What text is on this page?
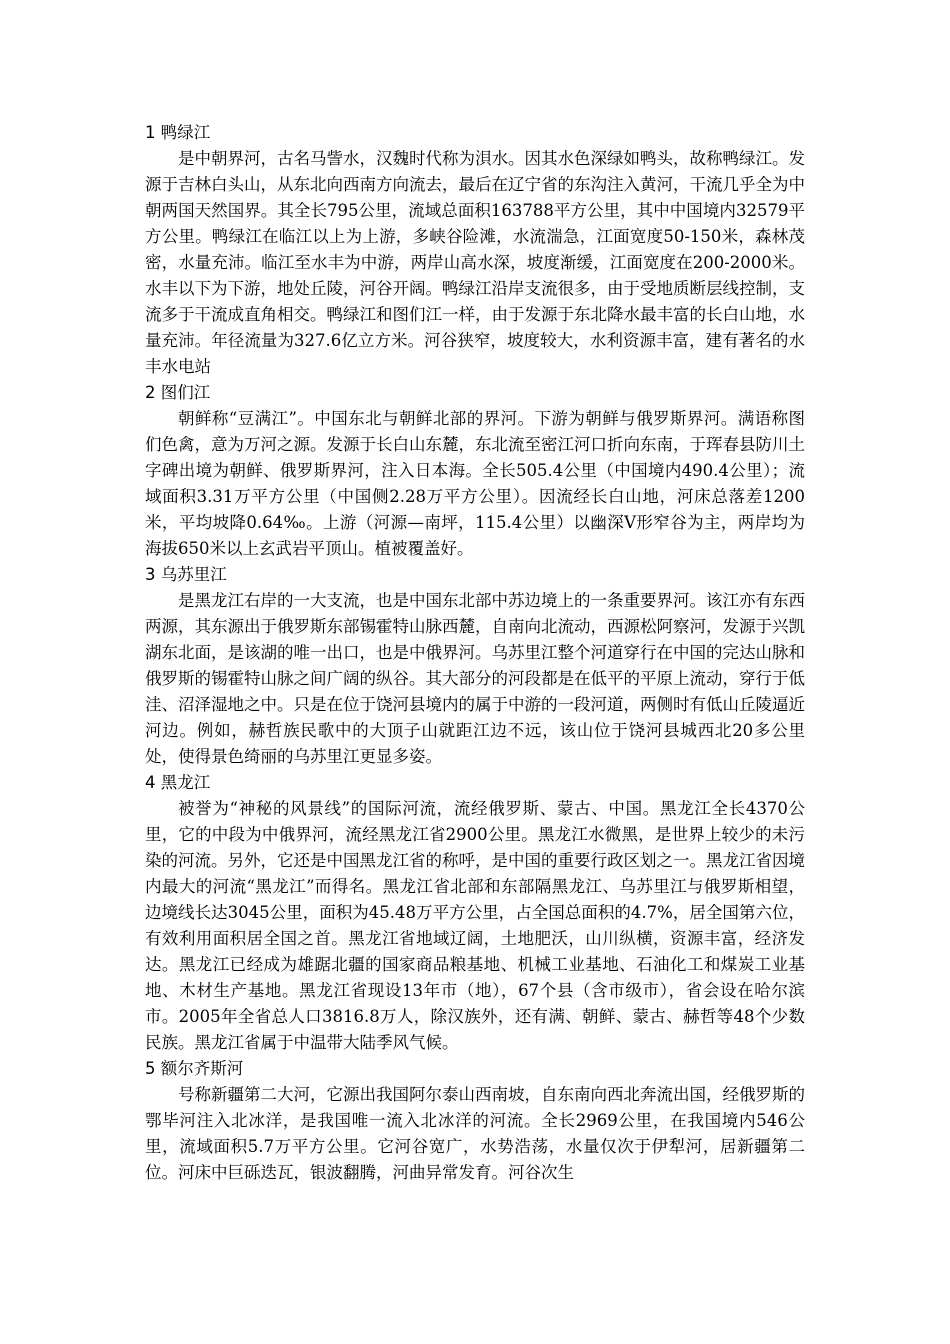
1 鸭绿江

是中朝界河，古名马訾水，汉魏时代称为浿水。因其水色深绿如鸭头，故称鸭绿江。发源于吉林白头山，从东北向西南方向流去，最后在辽宁省的东沟注入黄河，干流几乎全为中朝两国天然国界。其全长795公里，流域总面积163788平方公里，其中中国境内32579平方公里。鸭绿江在临江以上为上游，多峡谷险滩，水流湍急，江面宽度50-150米，森林茂密，水量充沛。临江至水丰为中游，两岸山高水深，坡度渐缓，江面宽度在200-2000米。水丰以下为下游，地处丘陵，河谷开阔。鸭绿江沿岸支流很多，由于受地质断层线控制，支流多于干流成直角相交。鸭绿江和图们江一样，由于发源于东北降水最丰富的长白山地，水量充沛。年径流量为327.6亿立方米。河谷狭窄，坡度较大，水利资源丰富，建有著名的水丰水电站

2 图们江

朝鲜称“豆满江”。中国东北与朝鲜北部的界河。下游为朝鲜与俄罗斯界河。满语称图们色禽，意为万河之源。发源于长白山东麓，东北流至密江河口折向东南，于珲春县防川土字碑出境为朝鲜、俄罗斯界河，注入日本海。全长505.4公里（中国境内490.4公里）；流域面积3.31万平方公里（中国侧2.28万平方公里）。因流经长白山地，河床总落差1200米，平均坡降0.64‰。上游（河源—南坪，115.4公里）以幽深V形窄谷为主，两岸均为海拔650米以上玄武岩平顶山。植被覆盖好。

3 乌苏里江

是黑龙江右岸的一大支流，也是中国东北部中苏边境上的一条重要界河。该江亦有东西两源，其东源出于俄罗斯东部锡霍特山脉西麓，自南向北流动，西源松阿察河，发源于兴凯湖东北面，是该湖的唯一出口，也是中俄界河。乌苏里江整个河道穿行在中国的完达山脉和俄罗斯的锡霍特山脉之间广阔的纵谷。其大部分的河段都是在低平的平原上流动，穿行于低洼、沼泽湿地之中。只是在位于饶河县境内的属于中游的一段河道，两侧时有低山丘陵逼近河边。例如，赫哲族民歌中的大顶子山就距江边不远，该山位于饶河县城西北20多公里处，使得景色绮丽的乌苏里江更显多姿。

4 黑龙江

被誉为“神秘的风景线”的国际河流，流经俄罗斯、蒙古、中国。黑龙江全长4370公里，它的中段为中俄界河，流经黑龙江省2900公里。黑龙江水微黑，是世界上较少的未污染的河流。另外，它还是中国黑龙江省的称呼，是中国的重要行政区划之一。黑龙江省因境内最大的河流“黑龙江”而得名。黑龙江省北部和东部隔黑龙江、乌苏里江与俄罗斯相望，边境线长达3045公里，面积为45.48万平方公里，占全国总面积的4.7%，居全国第六位，有效利用面积居全国之首。黑龙江省地域辽阔，土地肥沃，山川纵横，资源丰富，经济发达。黑龙江已经成为雄踞北疆的国家商品粮基地、机械工业基地、石油化工和煤炭工业基地、木材生产基地。黑龙江省现设13年市（地），67个县（含市级市），省会设在哈尔滨市。2005年全省总人口3816.8万人，除汉族外，还有满、朝鲜、蒙古、赫哲等48个少数民族。黑龙江省属于中温带大陆季风气候。

5 额尔齐斯河

号称新疆第二大河，它源出我国阿尔泰山西南坡，自东南向西北奔流出国，经俄罗斯的鄂毕河注入北冰洋，是我国唯一流入北冰洋的河流。全长2969公里，在我国境内546公里，流域面积5.7万平方公里。它河谷宽广，水势浩荡，水量仅次于伊犁河，居新疆第二位。河床中巨砾迭瓦，银波翻腾，河曲异常发育。河谷次生
